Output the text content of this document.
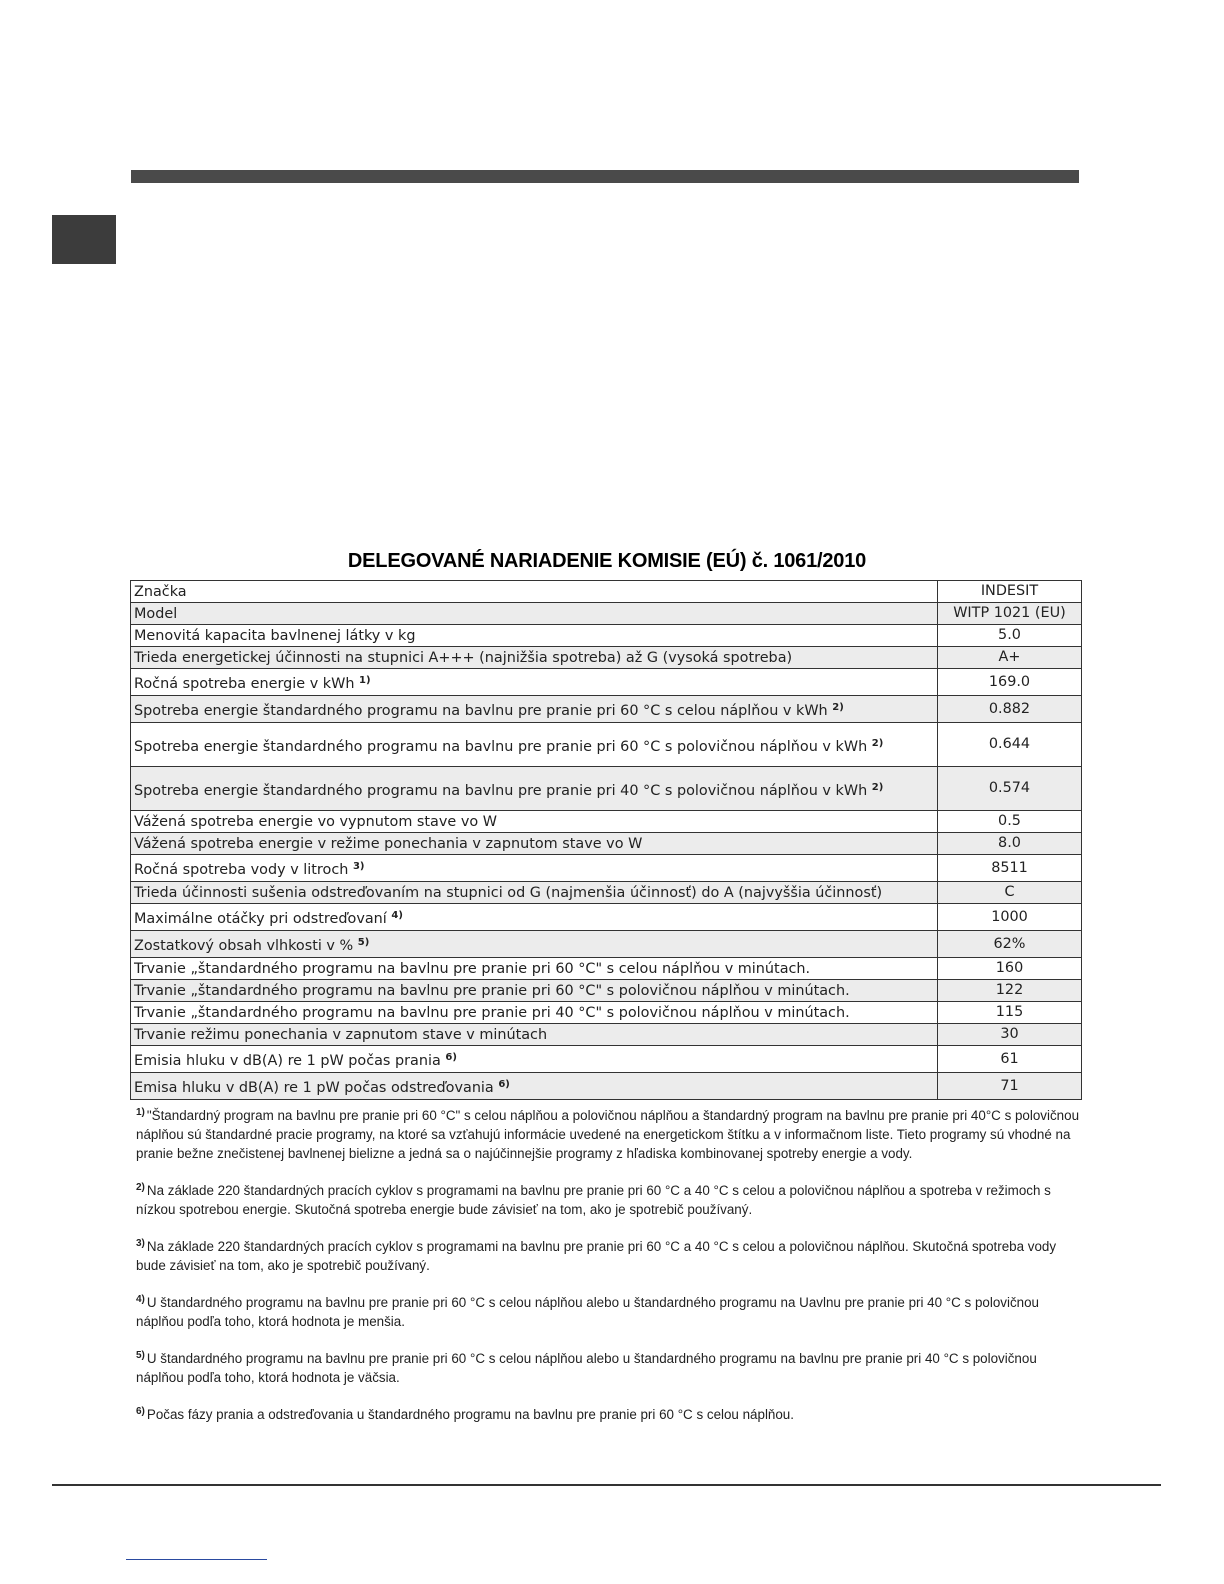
DELEGOVANÉ NARIADENIE KOMISIE (EÚ) č. 1061/2010
Značka	INDESIT
Model	WITP 1021 (EU)
Menovitá kapacita bavlnenej látky v kg	5.0
Trieda energetickej účinnosti na stupnici A+++ (najnižšia spotreba) až G (vysoká spotreba)	A+
Ročná spotreba energie v kWh $^{1)}$	169.0
Spotreba energie štandardného programu na bavlnu pre pranie pri 60 °C s celou náplňou v kWh $^{2)}$	0.882
Spotreba energie štandardného programu na bavlnu pre pranie pri 60 °C s polovičnou náplňou v kWh $^{2)}$	0.644
Spotreba energie štandardného programu na bavlnu pre pranie pri 40 °C s polovičnou náplňou v kWh $^{2)}$	0.574
Vážená spotreba energie vo vypnutom stave vo W	0.5
Vážená spotreba energie v režime ponechania v zapnutom stave vo W	8.0
Ročná spotreba vody v litroch $^{3)}$	8511
Trieda účinnosti sušenia odstreďovaním na stupnici od G (najmenšia účinnosť) do A (najvyššia účinnosť)	C
Maximálne otáčky pri odstreďovaní $^{4)}$	1000
Zostatkový obsah vlhkosti v % $^{5)}$	62%
Trvanie „štandardného programu na bavlnu pre pranie pri 60 °C" s celou náplňou v minútach.	160
Trvanie „štandardného programu na bavlnu pre pranie pri 60 °C" s polovičnou náplňou v minútach.	122
Trvanie „štandardného programu na bavlnu pre pranie pri 40 °C" s polovičnou náplňou v minútach.	115
Trvanie režimu ponechania v zapnutom stave v minútach	30
Emisia hluku v dB(A) re 1 pW počas prania $^{6)}$	61
Emisa hluku v dB(A) re 1 pW počas odstreďovania $^{6)}$	71

$^{1)}$ "Štandardný program na bavlnu pre pranie pri 60 °C" s celou náplňou a polovičnou náplňou a štandardný program na bavlnu pre pranie pri 40°C s polovičnou náplňou sú štandardné pracie programy, na ktoré sa vzťahujú informácie uvedené na energetickom štítku a v informačnom liste. Tieto programy sú vhodné na pranie bežne znečistenej bavlnenej bielizne a jedná sa o najúčinnejšie programy z hľadiska kombinovanej spotreby energie a vody.

$^{2)}$ Na základe 220 štandardných pracích cyklov s programami na bavlnu pre pranie pri 60 °C a 40 °C s celou a polovičnou náplňou a spotreba v režimoch s nízkou spotrebou energie. Skutočná spotreba energie bude závisieť na tom, ako je spotrebič používaný.

$^{3)}$ Na základe 220 štandardných pracích cyklov s programami na bavlnu pre pranie pri 60 °C a 40 °C s celou a polovičnou náplňou. Skutočná spotreba vody bude závisieť na tom, ako je spotrebič používaný.

$^{4)}$ U štandardného programu na bavlnu pre pranie pri 60 °C s celou náplňou alebo u štandardného programu na Uavlnu pre pranie pri 40 °C s polovičnou náplňou podľa toho, ktorá hodnota je menšia.

$^{5)}$ U štandardného programu na bavlnu pre pranie pri 60 °C s celou náplňou alebo u štandardného programu na bavlnu pre pranie pri 40 °C s polovičnou náplňou podľa toho, ktorá hodnota je väčsia.

$^{6)}$ Počas fázy prania a odstreďovania u štandardného programu na bavlnu pre pranie pri 60 °C s celou náplňou.
